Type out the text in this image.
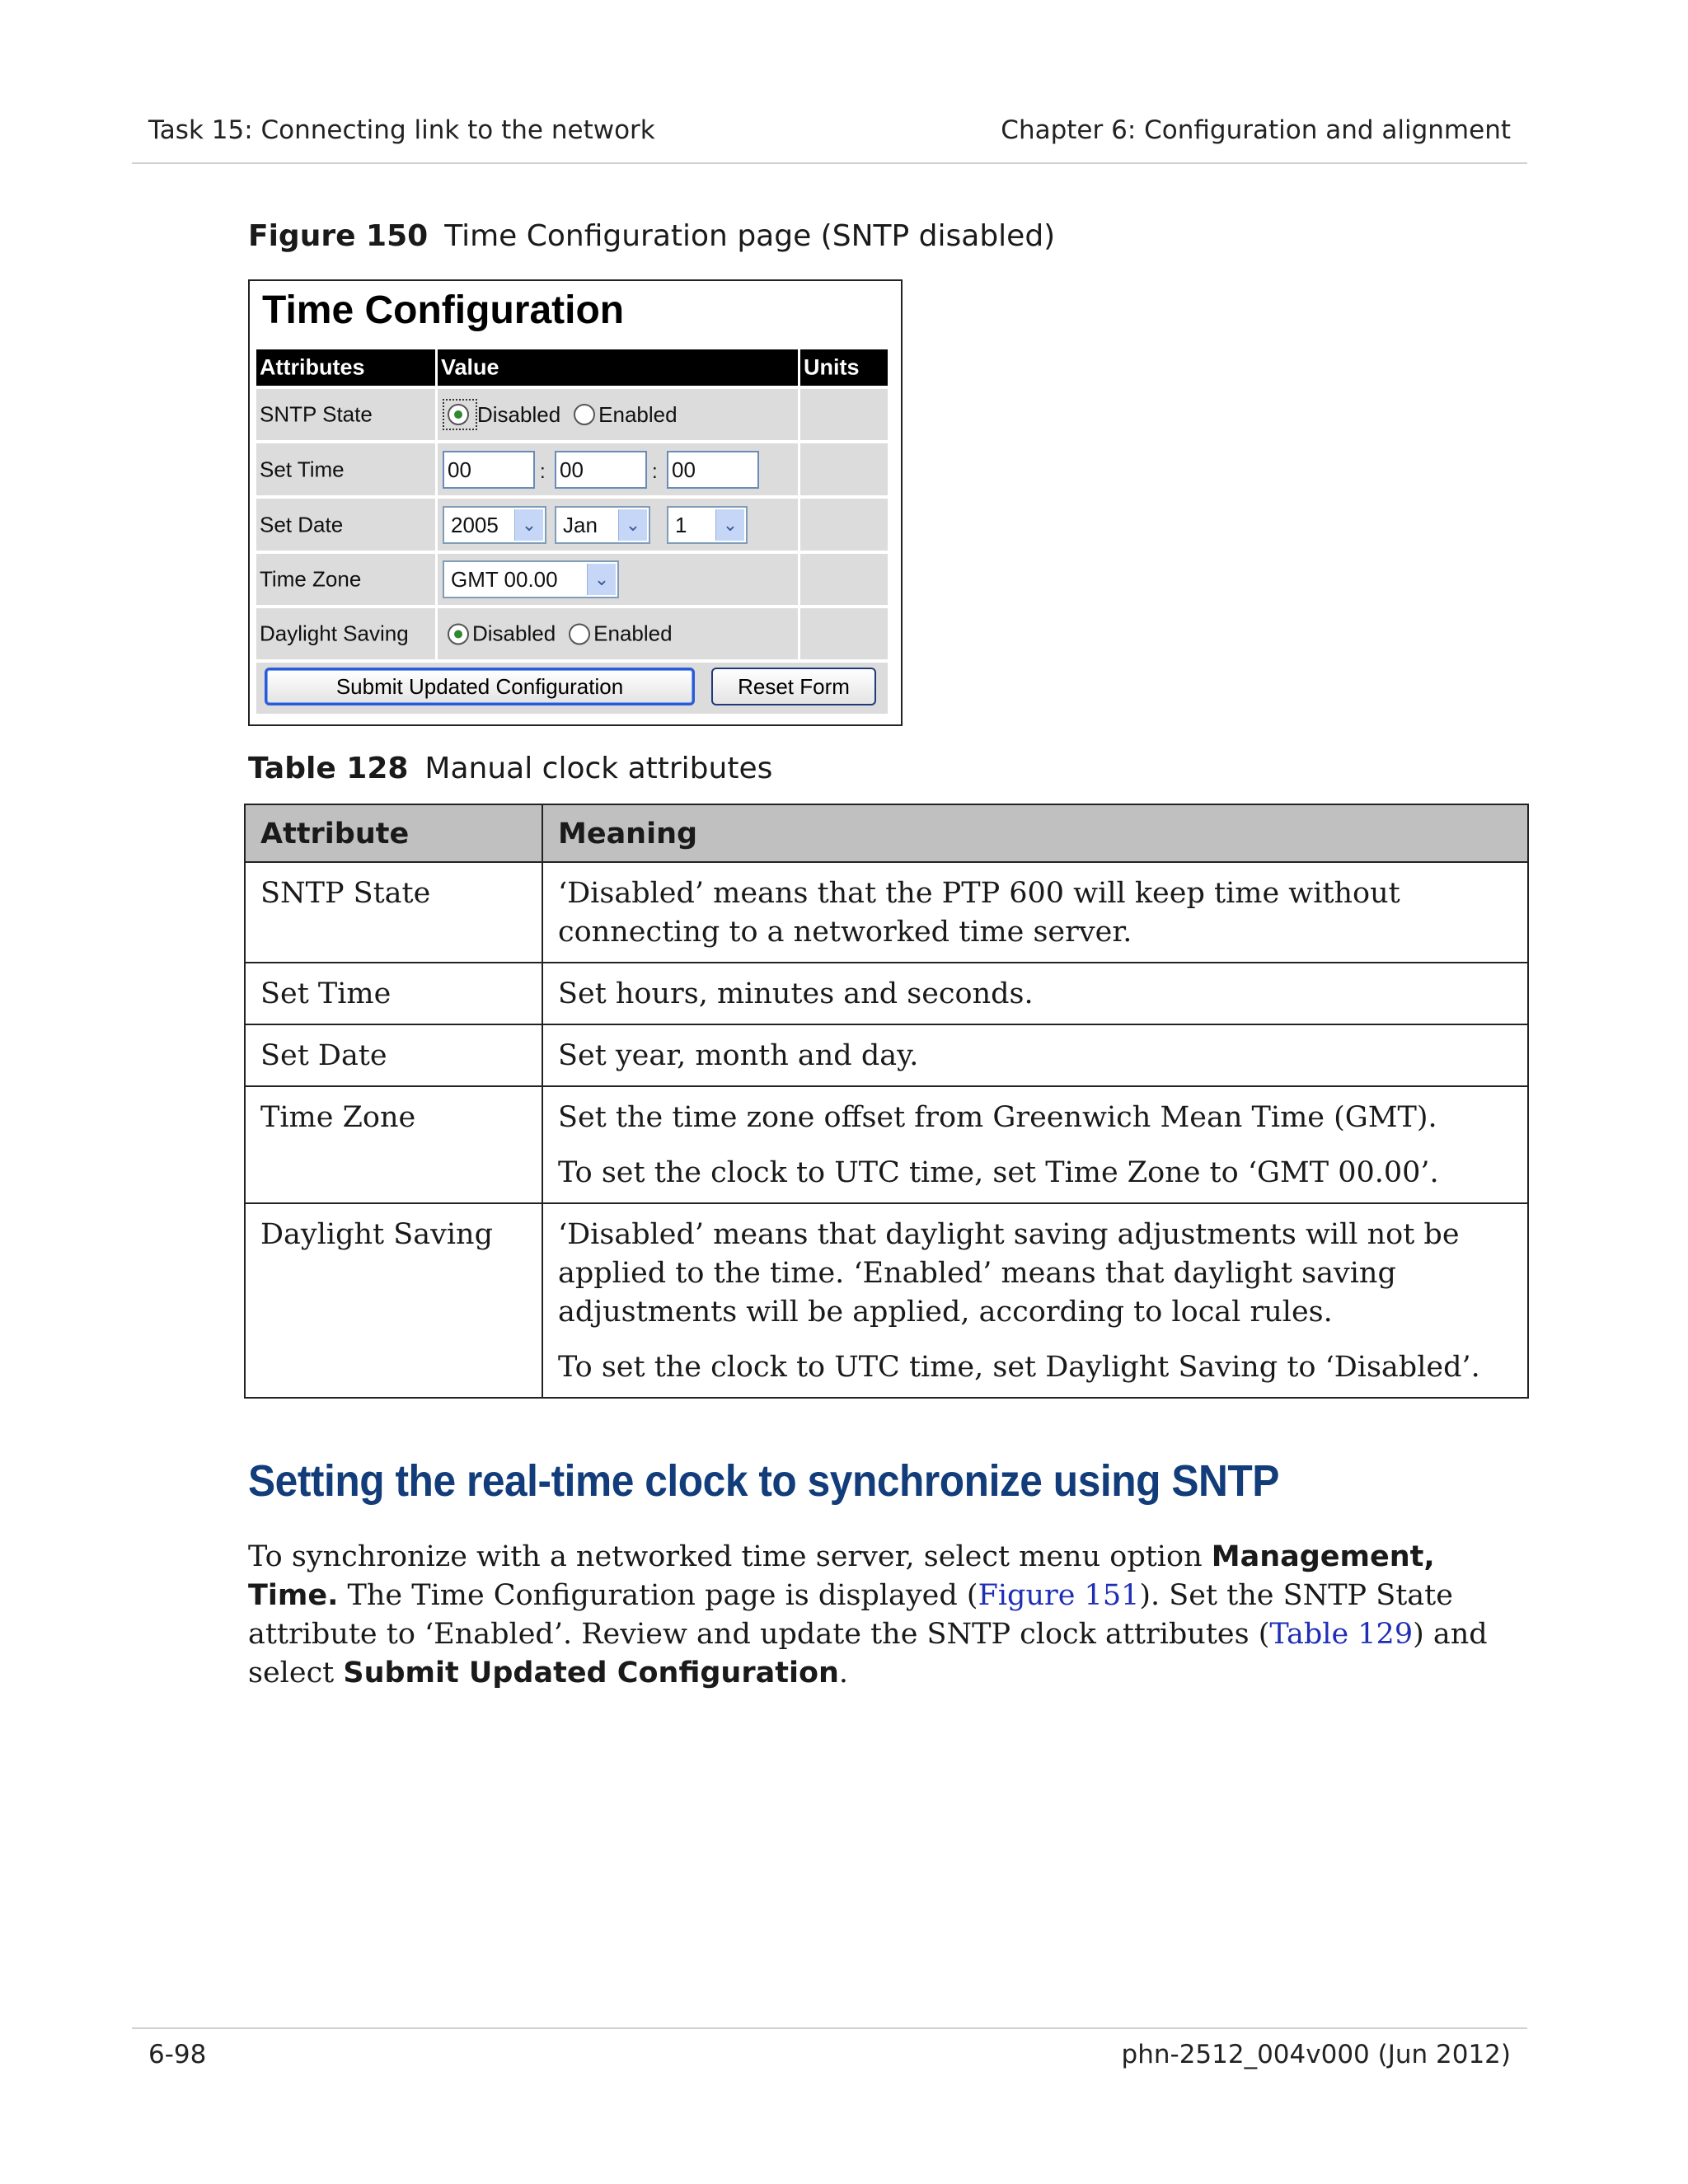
Task 15: Connecting link to the network	Chapter 6: Configuration and alignment
Figure 150 Time Configuration page (SNTP disabled)
Time Configuration
Attributes	Value	Units
SNTP State	Disabled Enabled
Set Time	00	: 00	: 00
Set Date	2005	⌄	Jan	⌄	1	⌄
Time Zone	GMT 00.00	⌄
Daylight Saving	Disabled Enabled
Submit Updated Configuration	Reset Form
Table 128 Manual clock attributes
Attribute	Meaning
SNTP State	‘Disabled’ means that the PTP 600 will keep time without connecting to a networked time server.

Set Time	Set hours, minutes and seconds.

Set Date	Set year, month and day.

Time Zone	Set the time zone offset from Greenwich Mean Time (GMT).

To set the clock to UTC time, set Time Zone to ‘GMT 00.00’.

Daylight Saving	‘Disabled’ means that daylight saving adjustments will not be applied to the time. ‘Enabled’ means that daylight saving adjustments will be applied, according to local rules.

To set the clock to UTC time, set Daylight Saving to ‘Disabled’.

Setting the real-time clock to synchronize using SNTP
To synchronize with a networked time server, select menu option Management, Time. The Time Configuration page is displayed (Figure 151). Set the SNTP State attribute to ‘Enabled’. Review and update the SNTP clock attributes (Table 129) and select Submit Updated Configuration.
6-98	phn-2512_004v000 (Jun 2012)
